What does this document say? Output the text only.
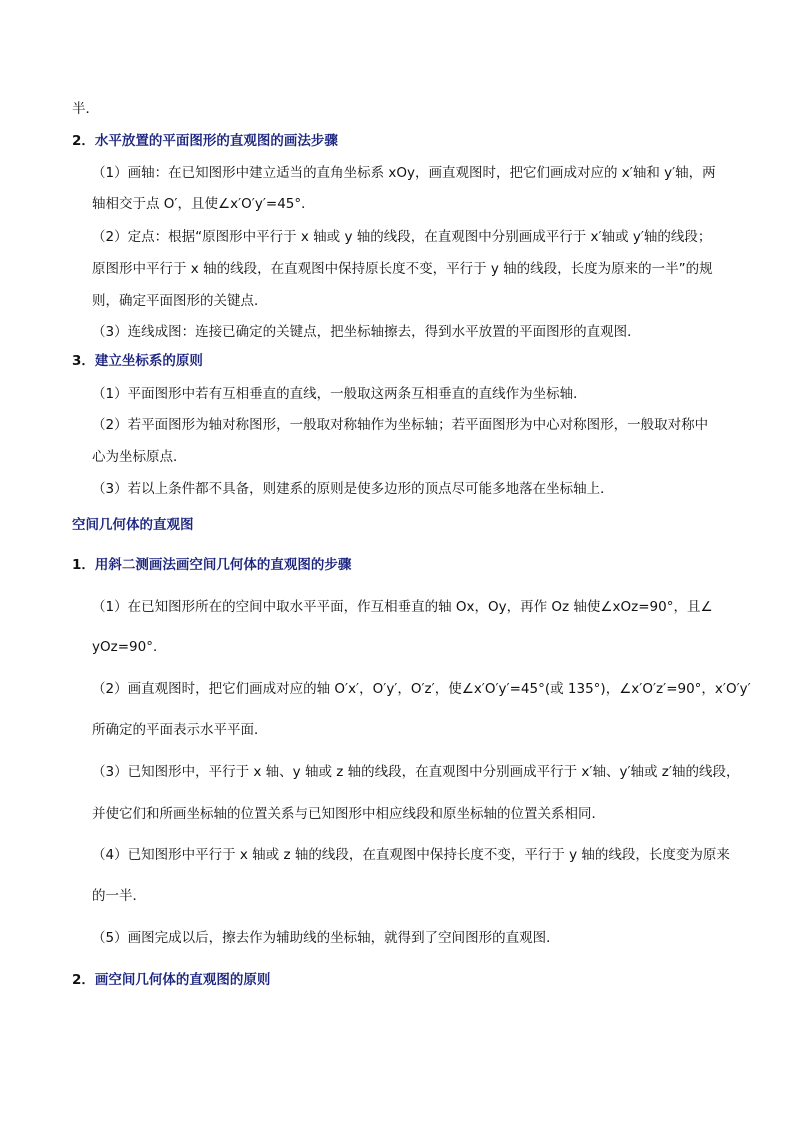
半．
2．水平放置的平面图形的直观图的画法步骤
（1）画轴：在已知图形中建立适当的直角坐标系 xOy，画直观图时，把它们画成对应的 x′轴和 y′轴，两
轴相交于点 O′，且使∠x′O′y′=45°．
（2）定点：根据“原图形中平行于 x 轴或 y 轴的线段，在直观图中分别画成平行于 x′轴或 y′轴的线段；
原图形中平行于 x 轴的线段，在直观图中保持原长度不变，平行于 y 轴的线段，长度为原来的一半”的规
则，确定平面图形的关键点．
（3）连线成图：连接已确定的关键点，把坐标轴擦去，得到水平放置的平面图形的直观图．
3．建立坐标系的原则
（1）平面图形中若有互相垂直的直线，一般取这两条互相垂直的直线作为坐标轴．
（2）若平面图形为轴对称图形，一般取对称轴作为坐标轴；若平面图形为中心对称图形，一般取对称中
心为坐标原点．
（3）若以上条件都不具备，则建系的原则是使多边形的顶点尽可能多地落在坐标轴上．
空间几何体的直观图
1．用斜二测画法画空间几何体的直观图的步骤
（1）在已知图形所在的空间中取水平平面，作互相垂直的轴 Ox，Oy，再作 Oz 轴使∠xOz=90°，且∠
yOz=90°．
（2）画直观图时，把它们画成对应的轴 O′x′，O′y′，O′z′，使∠x′O′y′=45°(或 135°)，∠x′O′z′=90°，x′O′y′
所确定的平面表示水平平面．
（3）已知图形中，平行于 x 轴、y 轴或 z 轴的线段，在直观图中分别画成平行于 x′轴、y′轴或 z′轴的线段，
并使它们和所画坐标轴的位置关系与已知图形中相应线段和原坐标轴的位置关系相同．
（4）已知图形中平行于 x 轴或 z 轴的线段，在直观图中保持长度不变，平行于 y 轴的线段，长度变为原来
的一半．
（5）画图完成以后，擦去作为辅助线的坐标轴，就得到了空间图形的直观图．
2．画空间几何体的直观图的原则
